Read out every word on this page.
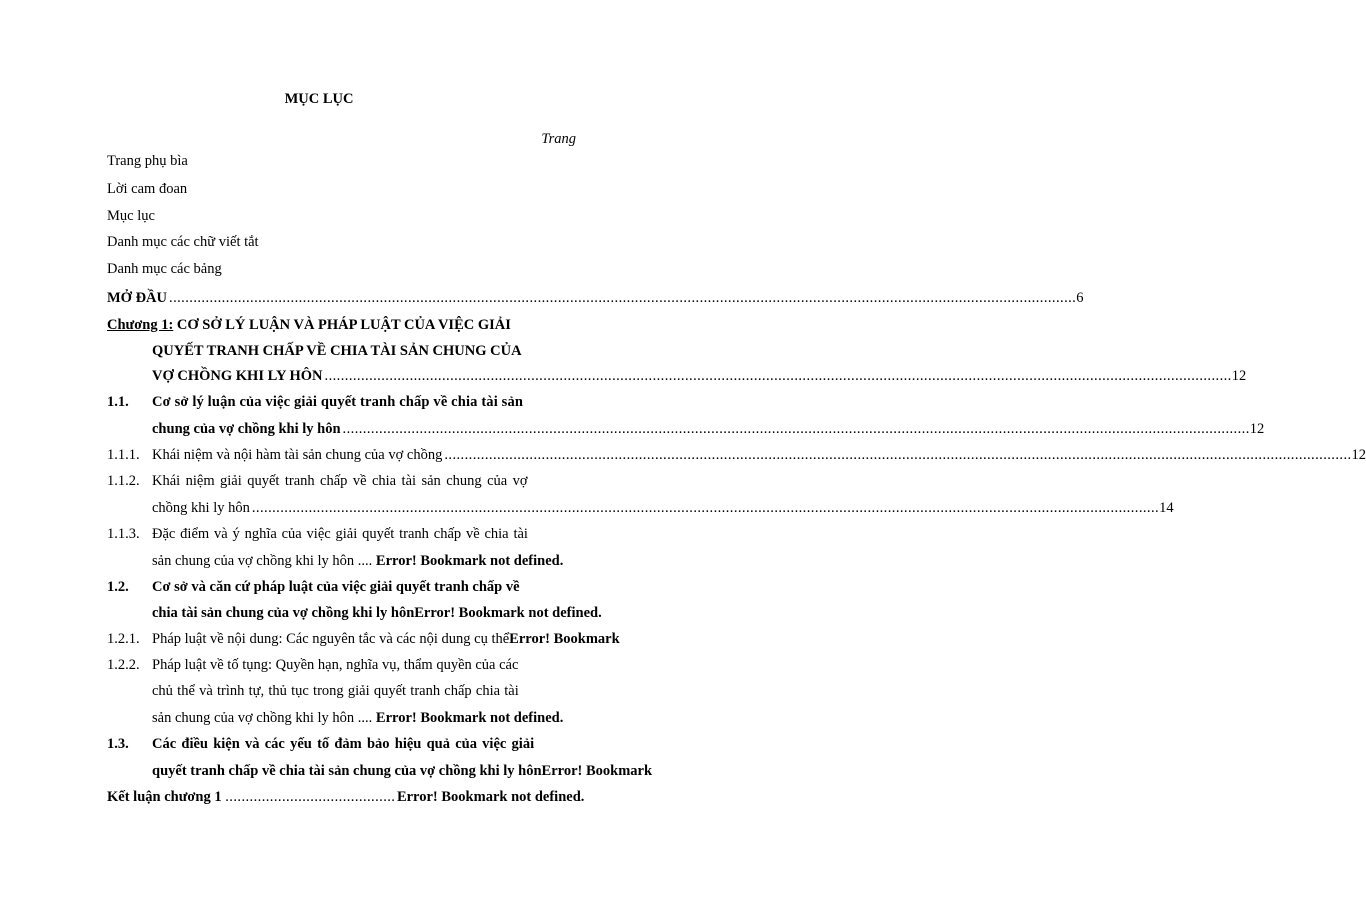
MỤC LỤC
Trang
Trang phụ bìa
Lời cam đoan
Mục lục
Danh mục các chữ viết tắt
Danh mục các bảng
MỞ ĐẦU . . .	6
Chương 1: CƠ SỞ LÝ LUẬN VÀ PHÁP LUẬT CỦA VIỆC GIẢI
QUYẾT TRANH CHẤP VỀ CHIA TÀI SẢN CHUNG CỦA
VỢ CHỒNG KHI LY HÔN . . .	12
1.1. Cơ sở lý luận của việc giải quyết tranh chấp về chia tài sản
chung của vợ chồng khi ly hôn . . .	12
1.1.1. Khái niệm và nội hàm tài sản chung của vợ chồng . . .	12
1.1.2. Khái niệm giải quyết tranh chấp về chia tài sản chung của vợ
chồng khi ly hôn . . .	14
1.1.3. Đặc điểm và ý nghĩa của việc giải quyết tranh chấp về chia tài
sản chung của vợ chồng khi ly hôn .... Error! Bookmark not defined.
1.2. Cơ sở và căn cứ pháp luật của việc giải quyết tranh chấp về
chia tài sản chung của vợ chồng khi ly hônError! Bookmark not defined.
1.2.1. Pháp luật về nội dung: Các nguyên tắc và các nội dung cụ thểError! Bookmark
1.2.2. Pháp luật về tố tụng: Quyền hạn, nghĩa vụ, thẩm quyền của các
chủ thể và trình tự, thủ tục trong giải quyết tranh chấp chia tài
sản chung của vợ chồng khi ly hôn .... Error! Bookmark not defined.
1.3. Các điều kiện và các yếu tố đảm bảo hiệu quả của việc giải
quyết tranh chấp về chia tài sản chung của vợ chồng khi ly hônError! Bookmark
Kết luận chương 1 . . . . . . . . . . . . . . . . . . . . . . . . . . . . . . . . . . . . . . . . . . Error! Bookmark not defined.
